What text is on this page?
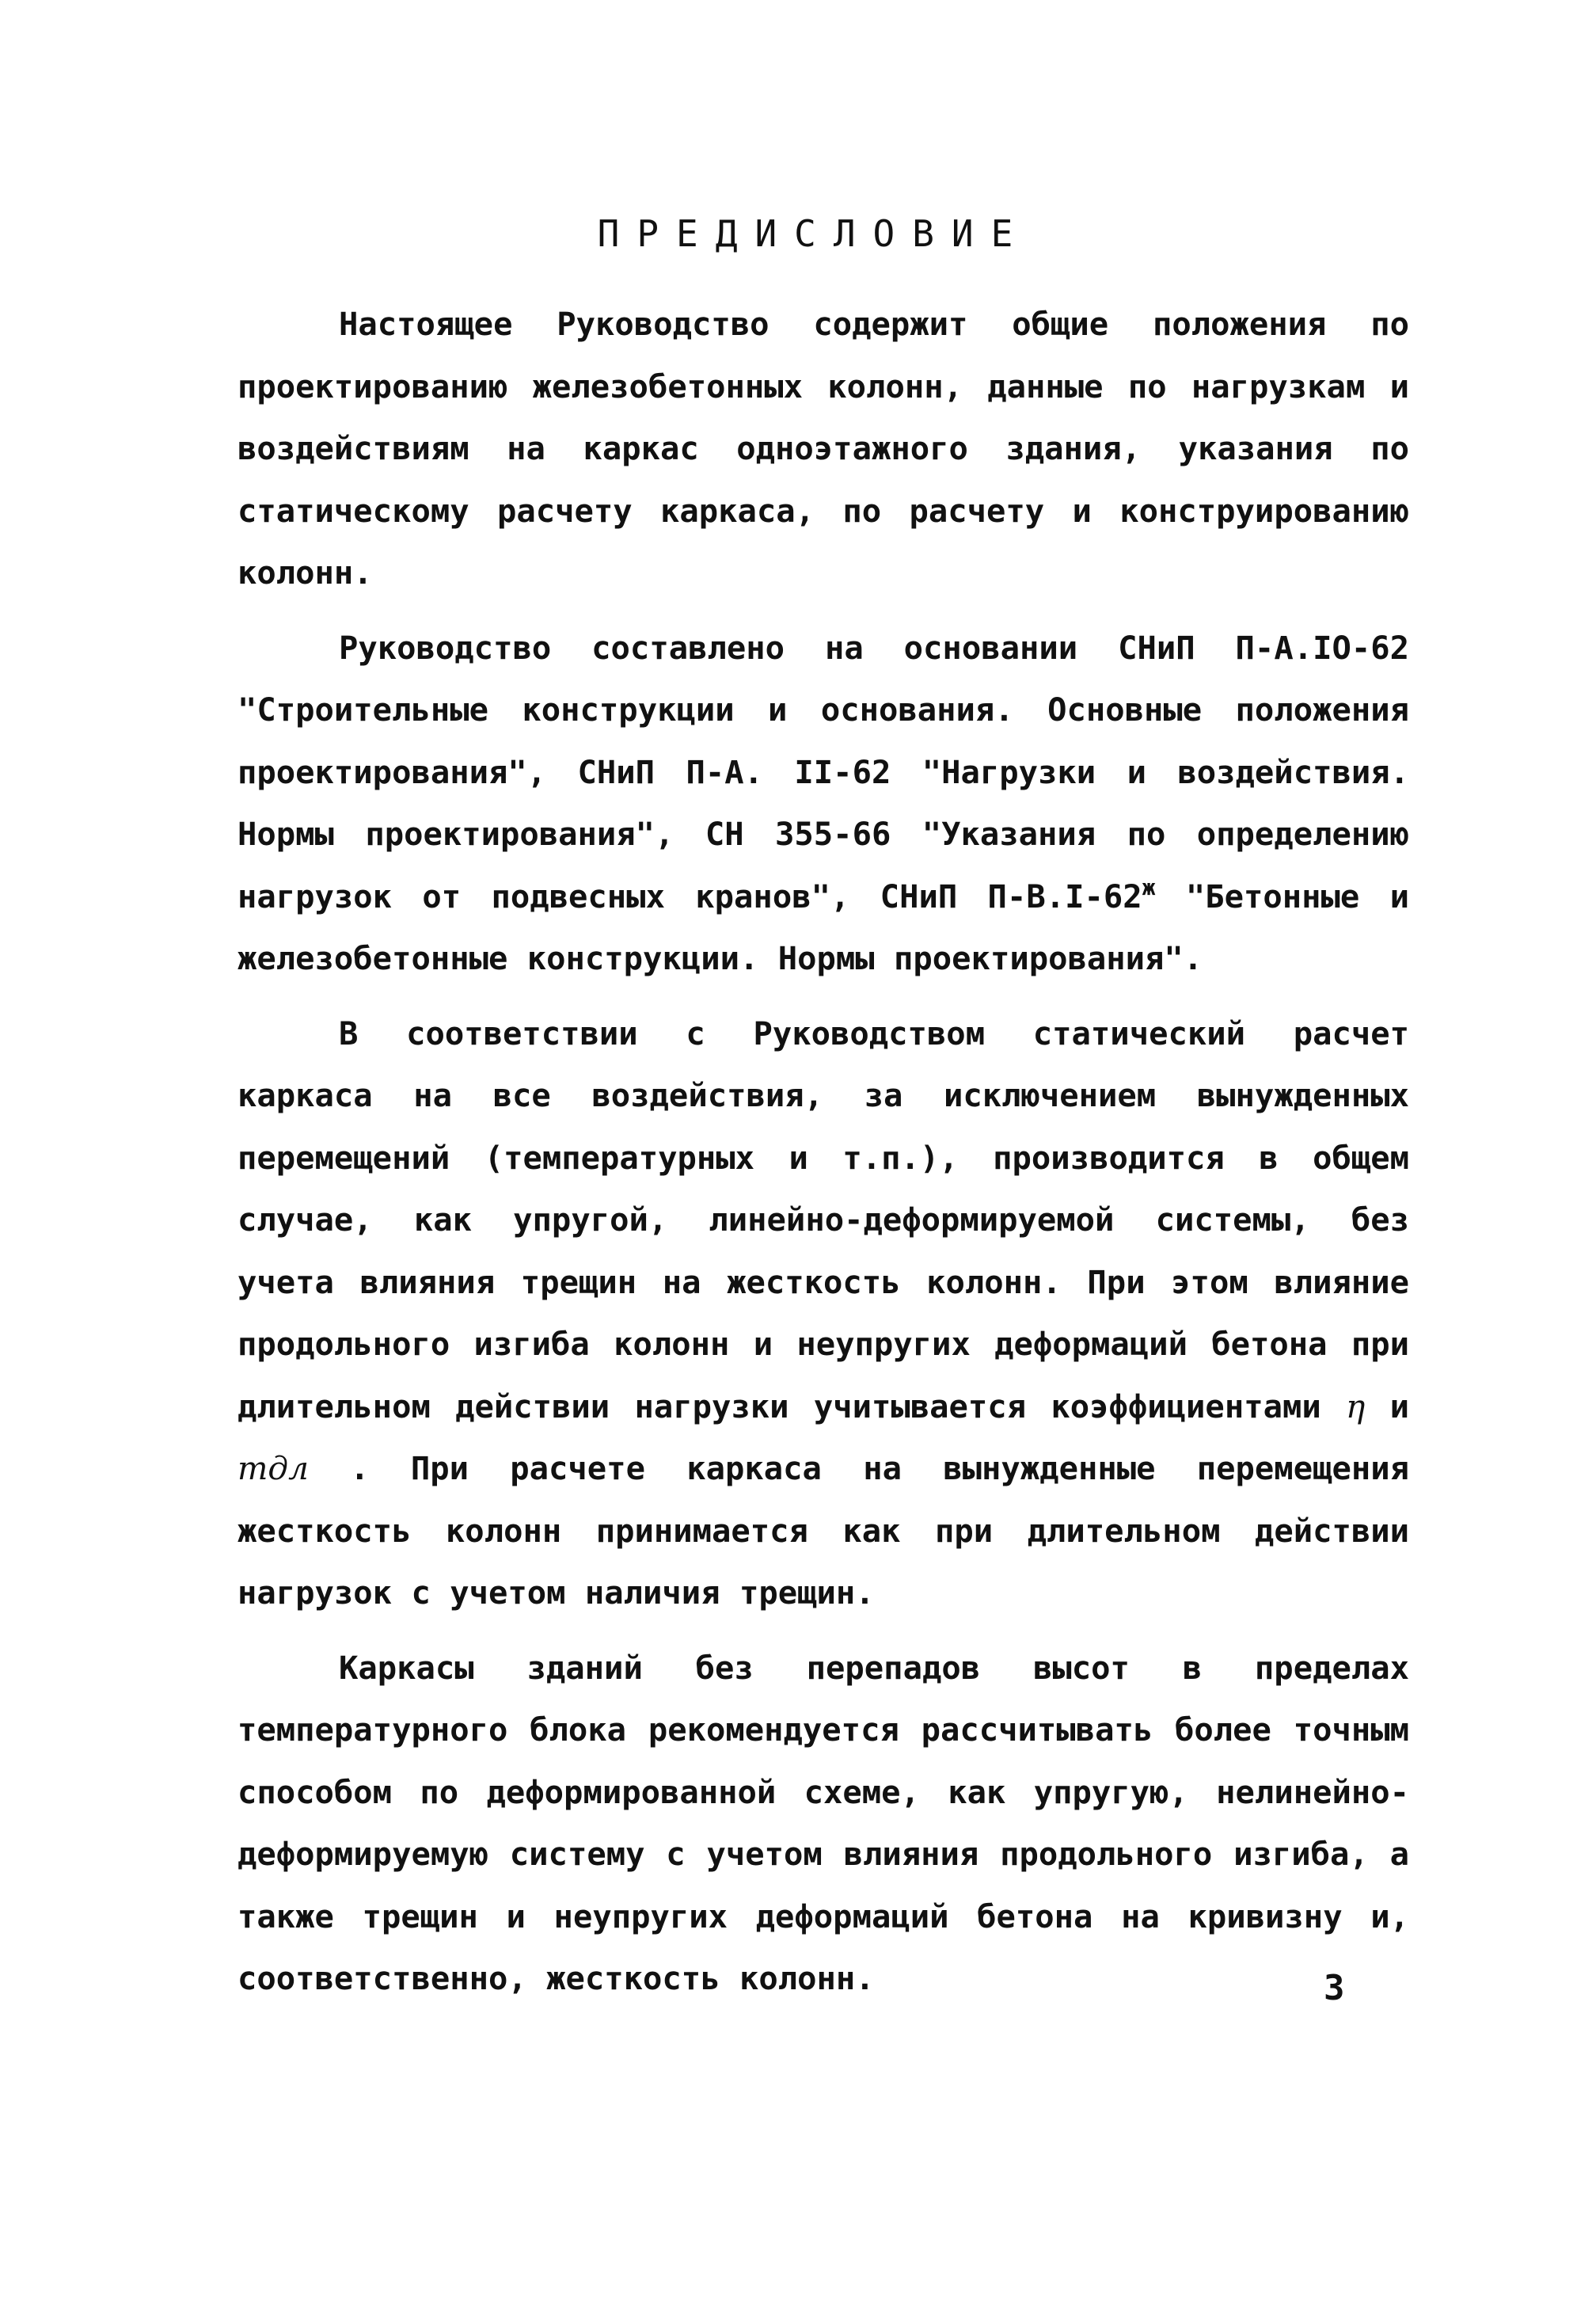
ПРЕДИСЛОВИЕ

Настоящее Руководство содержит общие положения по проектированию железобетонных колонн, данные по нагрузкам и воздействиям на каркас одноэтажного здания, указания по статическому расчету каркаса, по расчету и конструированию колонн.

Руководство составлено на основании СНиП П-А.IO-62 "Строительные конструкции и основания. Основные положения проектирования", СНиП П-А. II-62 "Нагрузки и воздействия. Нормы проектирования", СН 355-66 "Указания по определению нагрузок от подвесных кранов", СНиП $П-В.I-62^ж$ "Бетонные и железобетонные конструкции. Нормы проектирования".

В соответствии с Руководством статический расчет каркаса на все воздействия, за исключением вынужденных перемещений (температурных и т.п.), производится в общем случае, как упругой, линейно-деформируемой системы, без учета влияния трещин на жесткость колонн. При этом влияние продольного изгиба колонн и неупругих деформаций бетона при длительном действии нагрузки учитывается коэффициентами η и mдл . При расчете каркаса на вынужденные перемещения жесткость колонн принимается как при длительном действии нагрузок с учетом наличия трещин.

Каркасы зданий без перепадов высот в пределах температурного блока рекомендуется рассчитывать более точным способом по деформированной схеме, как упругую, нелинейно-деформируемую систему с учетом влияния продольного изгиба, а также трещин и неупругих деформаций бетона на кривизну и, соответственно, жесткость колонн.	3
